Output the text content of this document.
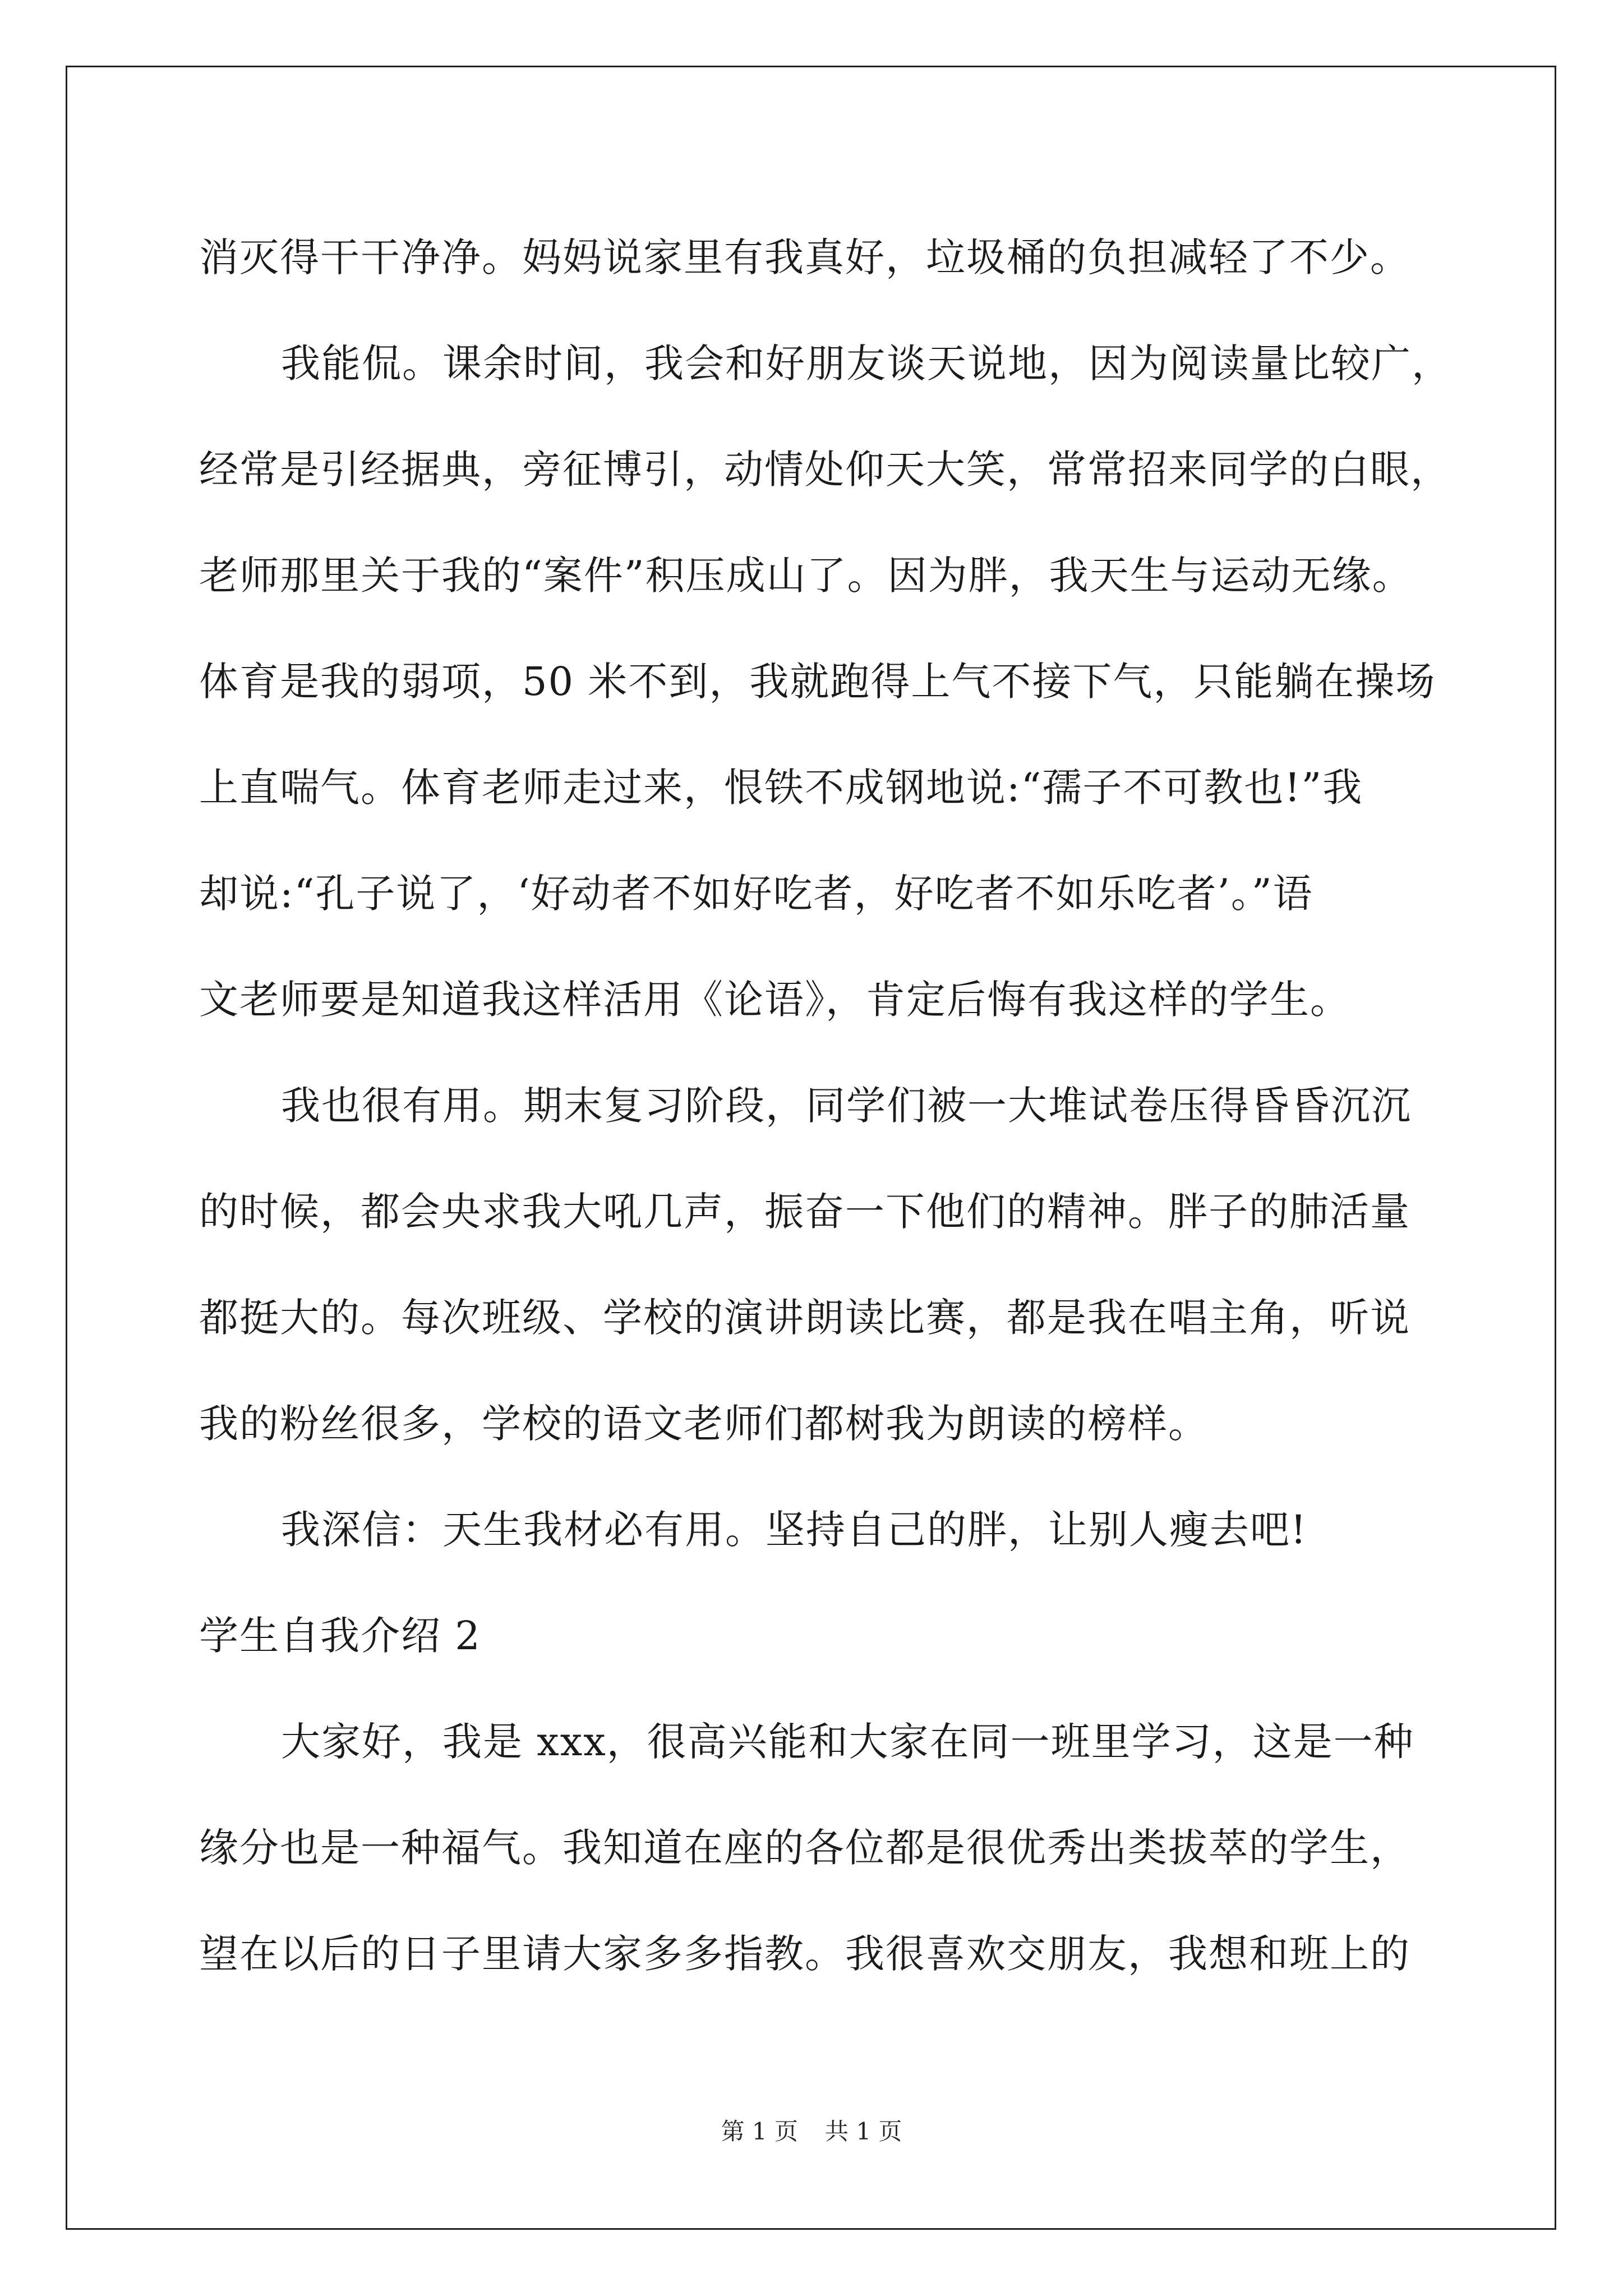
消灭得干干净净。妈妈说家里有我真好，垃圾桶的负担减轻了不少。
我能侃。课余时间，我会和好朋友谈天说地，因为阅读量比较广，
经常是引经据典，旁征博引，动情处仰天大笑，常常招来同学的白眼，
老师那里关于我的“案件”积压成山了。因为胖，我天生与运动无缘。
体育是我的弱项，50 米不到，我就跑得上气不接下气，只能躺在操场
上直喘气。体育老师走过来，恨铁不成钢地说:“孺子不可教也!”我
却说:“孔子说了，‘好动者不如好吃者，好吃者不如乐吃者’。”语
文老师要是知道我这样活用《论语》，肯定后悔有我这样的学生。
我也很有用。期末复习阶段，同学们被一大堆试卷压得昏昏沉沉
的时候，都会央求我大吼几声，振奋一下他们的精神。胖子的肺活量
都挺大的。每次班级、学校的演讲朗读比赛，都是我在唱主角，听说
我的粉丝很多，学校的语文老师们都树我为朗读的榜样。
我深信：天生我材必有用。坚持自己的胖，让别人瘦去吧!
学生自我介绍 2
大家好，我是 xxx，很高兴能和大家在同一班里学习，这是一种
缘分也是一种福气。我知道在座的各位都是很优秀出类拔萃的学生，
望在以后的日子里请大家多多指教。我很喜欢交朋友，我想和班上的
第 1 页 共 1 页
